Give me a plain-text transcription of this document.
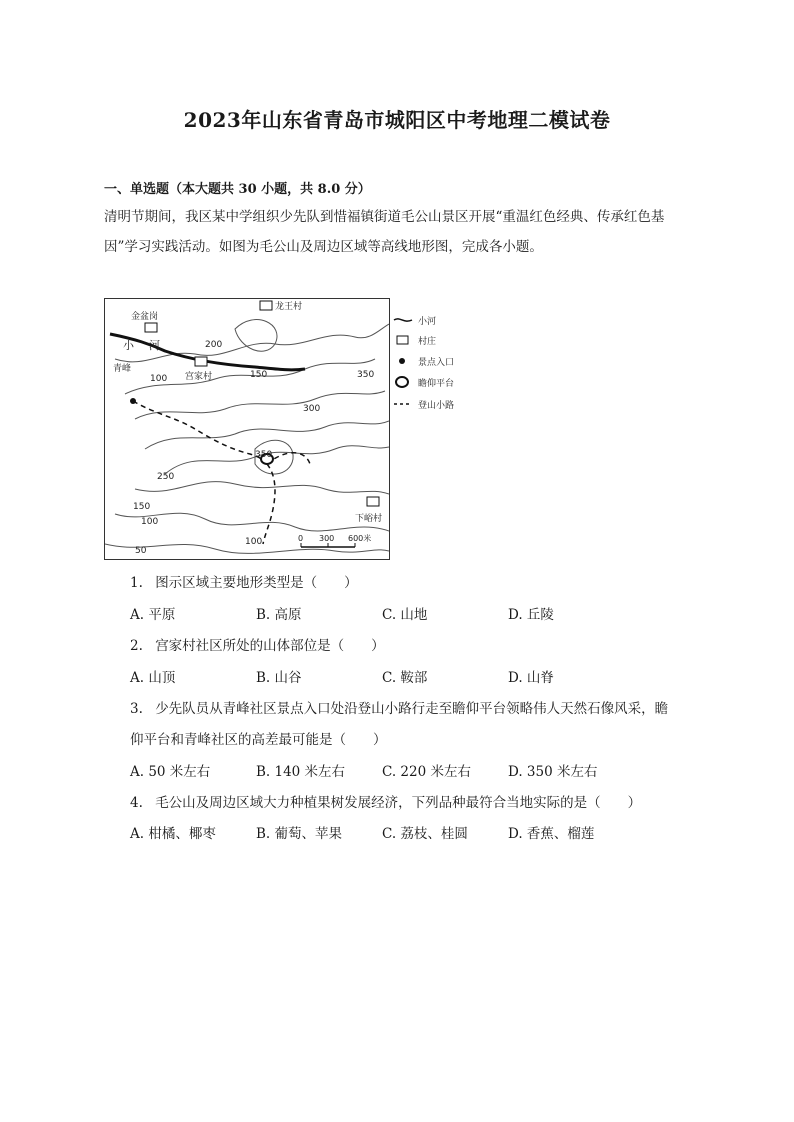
2023年山东省青岛市城阳区中考地理二模试卷
一、单选题（本大题共 30 小题，共 8.0 分）
清明节期间，我区某中学组织少先队到惜福镇街道毛公山景区开展“重温红色经典、传承红色基
因”学习实践活动。如图为毛公山及周边区域等高线地形图，完成各小题。
金盆岗
青峰
宫家村
下峪村
龙王村
小 河	200
100	150	350
300
350
250
150
100
50
100	0 300 600米
小河
村庄
景点入口
瞻仰平台
登山小路
1. 图示区域主要地形类型是（　　）
A. 平原	B. 高原	C. 山地	D. 丘陵
2. 宫家村社区所处的山体部位是（　　）
A. 山顶	B. 山谷	C. 鞍部	D. 山脊
3. 少先队员从青峰社区景点入口处沿登山小路行走至瞻仰平台领略伟人天然石像风采，瞻
仰平台和青峰社区的高差最可能是（　　）
A. 50 米左右	B. 140 米左右	C. 220 米左右	D. 350 米左右
4. 毛公山及周边区域大力种植果树发展经济，下列品种最符合当地实际的是（　　）
A. 柑橘、椰枣	B. 葡萄、苹果	C. 荔枝、桂圆	D. 香蕉、榴莲
